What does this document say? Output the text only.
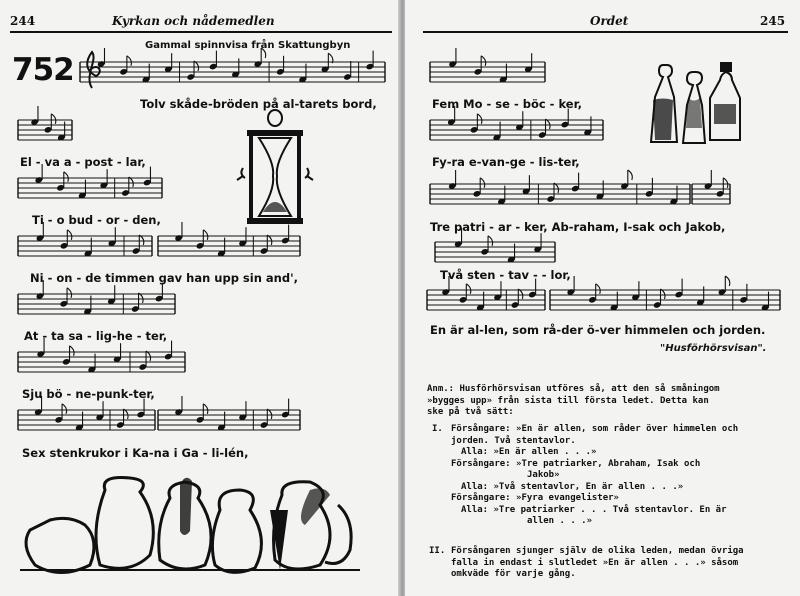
244	Kyrkan och nådemedlen
752
Gammal spinnvisa från Skattungbyn
Tolv skåde-bröden på al-tarets bord,
El - va a - post - lar,
Ti - o bud - or - den,
Ni - on - de timmen gav han upp sin and',
At - ta sa - lig-he - ter,
Sju bö - ne-punk-ter,
Sex stenkrukor i Ka-na i Ga - li-lén,
Ordet	245
Fem Mo - se - böc - ker,
Fy-ra e-van-ge - lis-ter,
Tre patri - ar - ker, Ab-raham, I-sak och Jakob,
Två sten - tav - - lor,
En är al-len, som rå-der ö-ver himmelen och jorden.
"Husförhörsvisan".
Anm.: Husförhörsvisan utföres så, att den så småningom
»bygges upp» från sista till första ledet. Detta kan
ske på två sätt:
I. Försångare: »En är allen, som råder över himmelen och
jorden. Två stentavlor.
Alla: »En är allen . . .»
Försångare: »Tre patriarker, Abraham, Isak och
Jakob»
Alla: »Två stentavlor, En är allen . . .»
Försångare: »Fyra evangelister»
Alla: »Tre patriarker . . . Två stentavlor. En är
allen . . .»
II. Försångaren sjunger själv de olika leden, medan övriga
falla in endast i slutledet »En är allen . . .» såsom
omkväde för varje gång.
